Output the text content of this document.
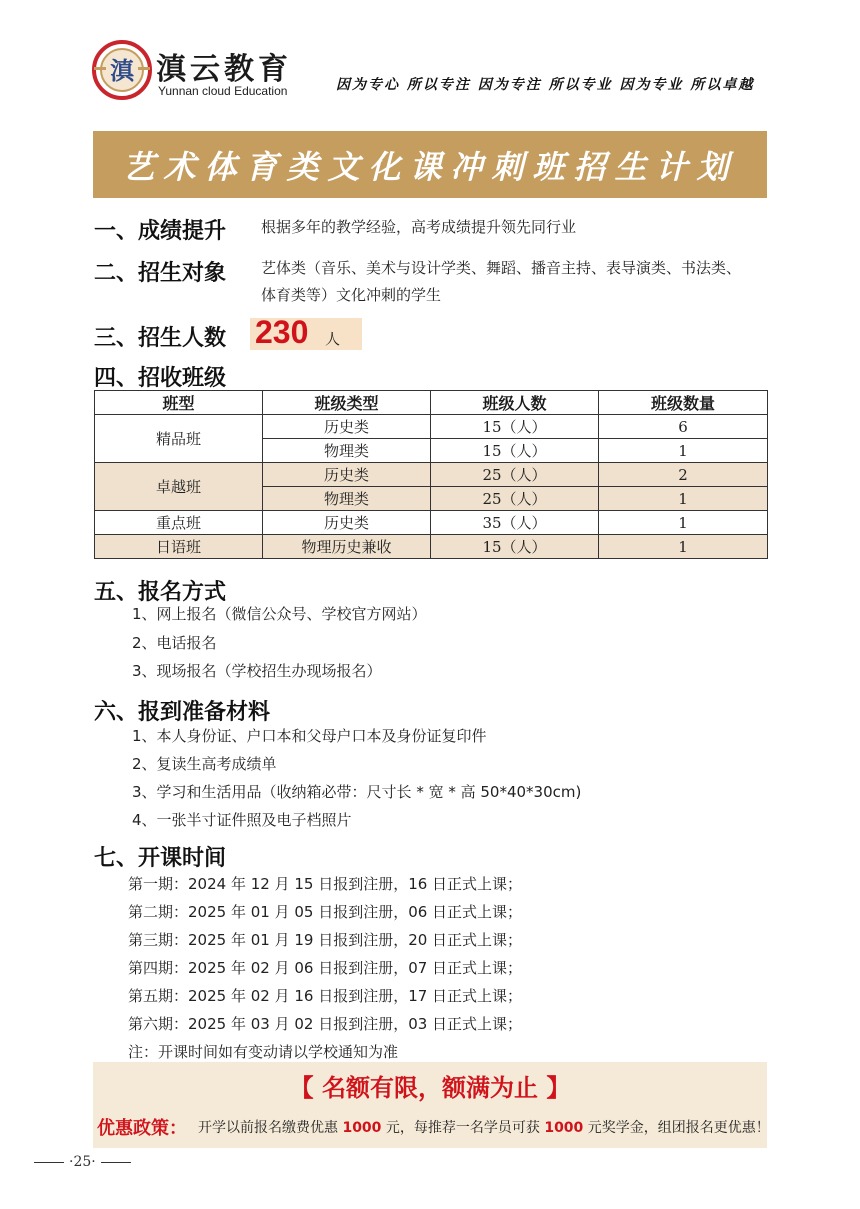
滇 滇云教育
Yunnan cloud Education	因为专心 所以专注 因为专注 所以专业 因为专业 所以卓越
艺术体育类文化课冲刺班招生计划
一、成绩提升 根据多年的教学经验，高考成绩提升领先同行业
二、招生对象 艺体类（音乐、美术与设计学类、舞蹈、播音主持、表导演类、书法类、
体育类等）文化冲刺的学生
三、招生人数 230 人
四、招收班级
班型	班级类型	班级人数	班级数量
精品班	历史类	15（人）	6
	物理类	15（人）	1
卓越班	历史类	25（人）	2
	物理类	25（人）	1
重点班	历史类	35（人）	1
日语班	物理历史兼收	15（人）	1
五、报名方式
1、网上报名（微信公众号、学校官方网站）
2、电话报名
3、现场报名（学校招生办现场报名）
六、报到准备材料
1、本人身份证、户口本和父母户口本及身份证复印件
2、复读生高考成绩单
3、学习和生活用品（收纳箱必带：尺寸长 * 宽 * 高 50*40*30cm)
4、一张半寸证件照及电子档照片
七、开课时间
第一期：2024 年 12 月 15 日报到注册，16 日正式上课；
第二期：2025 年 01 月 05 日报到注册，06 日正式上课；
第三期：2025 年 01 月 19 日报到注册，20 日正式上课；
第四期：2025 年 02 月 06 日报到注册，07 日正式上课；
第五期：2025 年 02 月 16 日报到注册，17 日正式上课；
第六期：2025 年 03 月 02 日报到注册，03 日正式上课；
注：开课时间如有变动请以学校通知为准
【 名额有限，额满为止 】
优惠政策： 开学以前报名缴费优惠 1000 元，每推荐一名学员可获 1000 元奖学金，组团报名更优惠！
·25·
